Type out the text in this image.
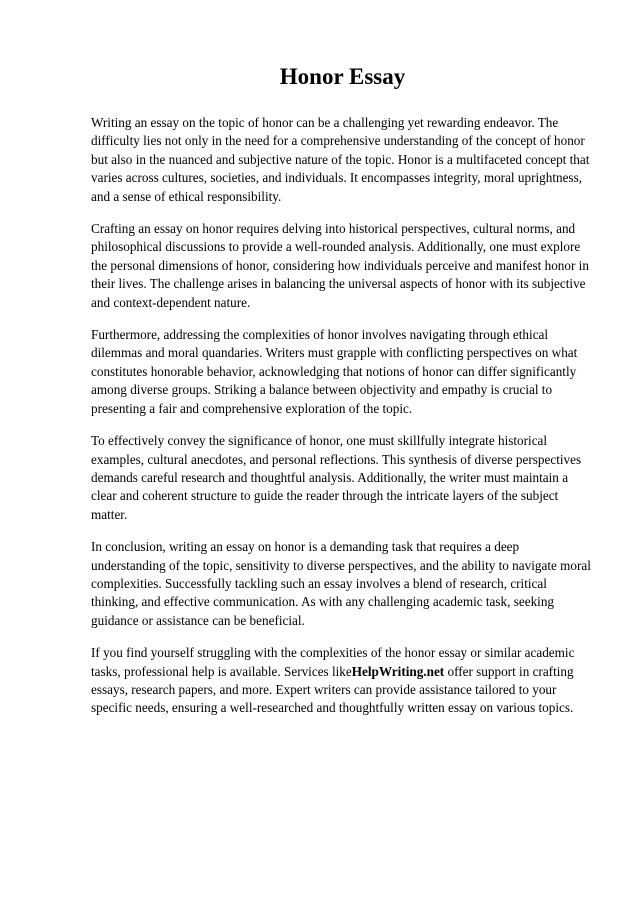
Honor Essay

Writing an essay on the topic of honor can be a challenging yet rewarding endeavor. The difficulty lies not only in the need for a comprehensive understanding of the concept of honor but also in the nuanced and subjective nature of the topic. Honor is a multifaceted concept that varies across cultures, societies, and individuals. It encompasses integrity, moral uprightness, and a sense of ethical responsibility.

Crafting an essay on honor requires delving into historical perspectives, cultural norms, and philosophical discussions to provide a well-rounded analysis. Additionally, one must explore the personal dimensions of honor, considering how individuals perceive and manifest honor in their lives. The challenge arises in balancing the universal aspects of honor with its subjective and context-dependent nature.

Furthermore, addressing the complexities of honor involves navigating through ethical dilemmas and moral quandaries. Writers must grapple with conflicting perspectives on what constitutes honorable behavior, acknowledging that notions of honor can differ significantly among diverse groups. Striking a balance between objectivity and empathy is crucial to presenting a fair and comprehensive exploration of the topic.

To effectively convey the significance of honor, one must skillfully integrate historical examples, cultural anecdotes, and personal reflections. This synthesis of diverse perspectives demands careful research and thoughtful analysis. Additionally, the writer must maintain a clear and coherent structure to guide the reader through the intricate layers of the subject matter.

In conclusion, writing an essay on honor is a demanding task that requires a deep understanding of the topic, sensitivity to diverse perspectives, and the ability to navigate moral complexities. Successfully tackling such an essay involves a blend of research, critical thinking, and effective communication. As with any challenging academic task, seeking guidance or assistance can be beneficial.

If you find yourself struggling with the complexities of the honor essay or similar academic tasks, professional help is available. Services likeHelpWriting.net offer support in crafting essays, research papers, and more. Expert writers can provide assistance tailored to your specific needs, ensuring a well-researched and thoughtfully written essay on various topics.
